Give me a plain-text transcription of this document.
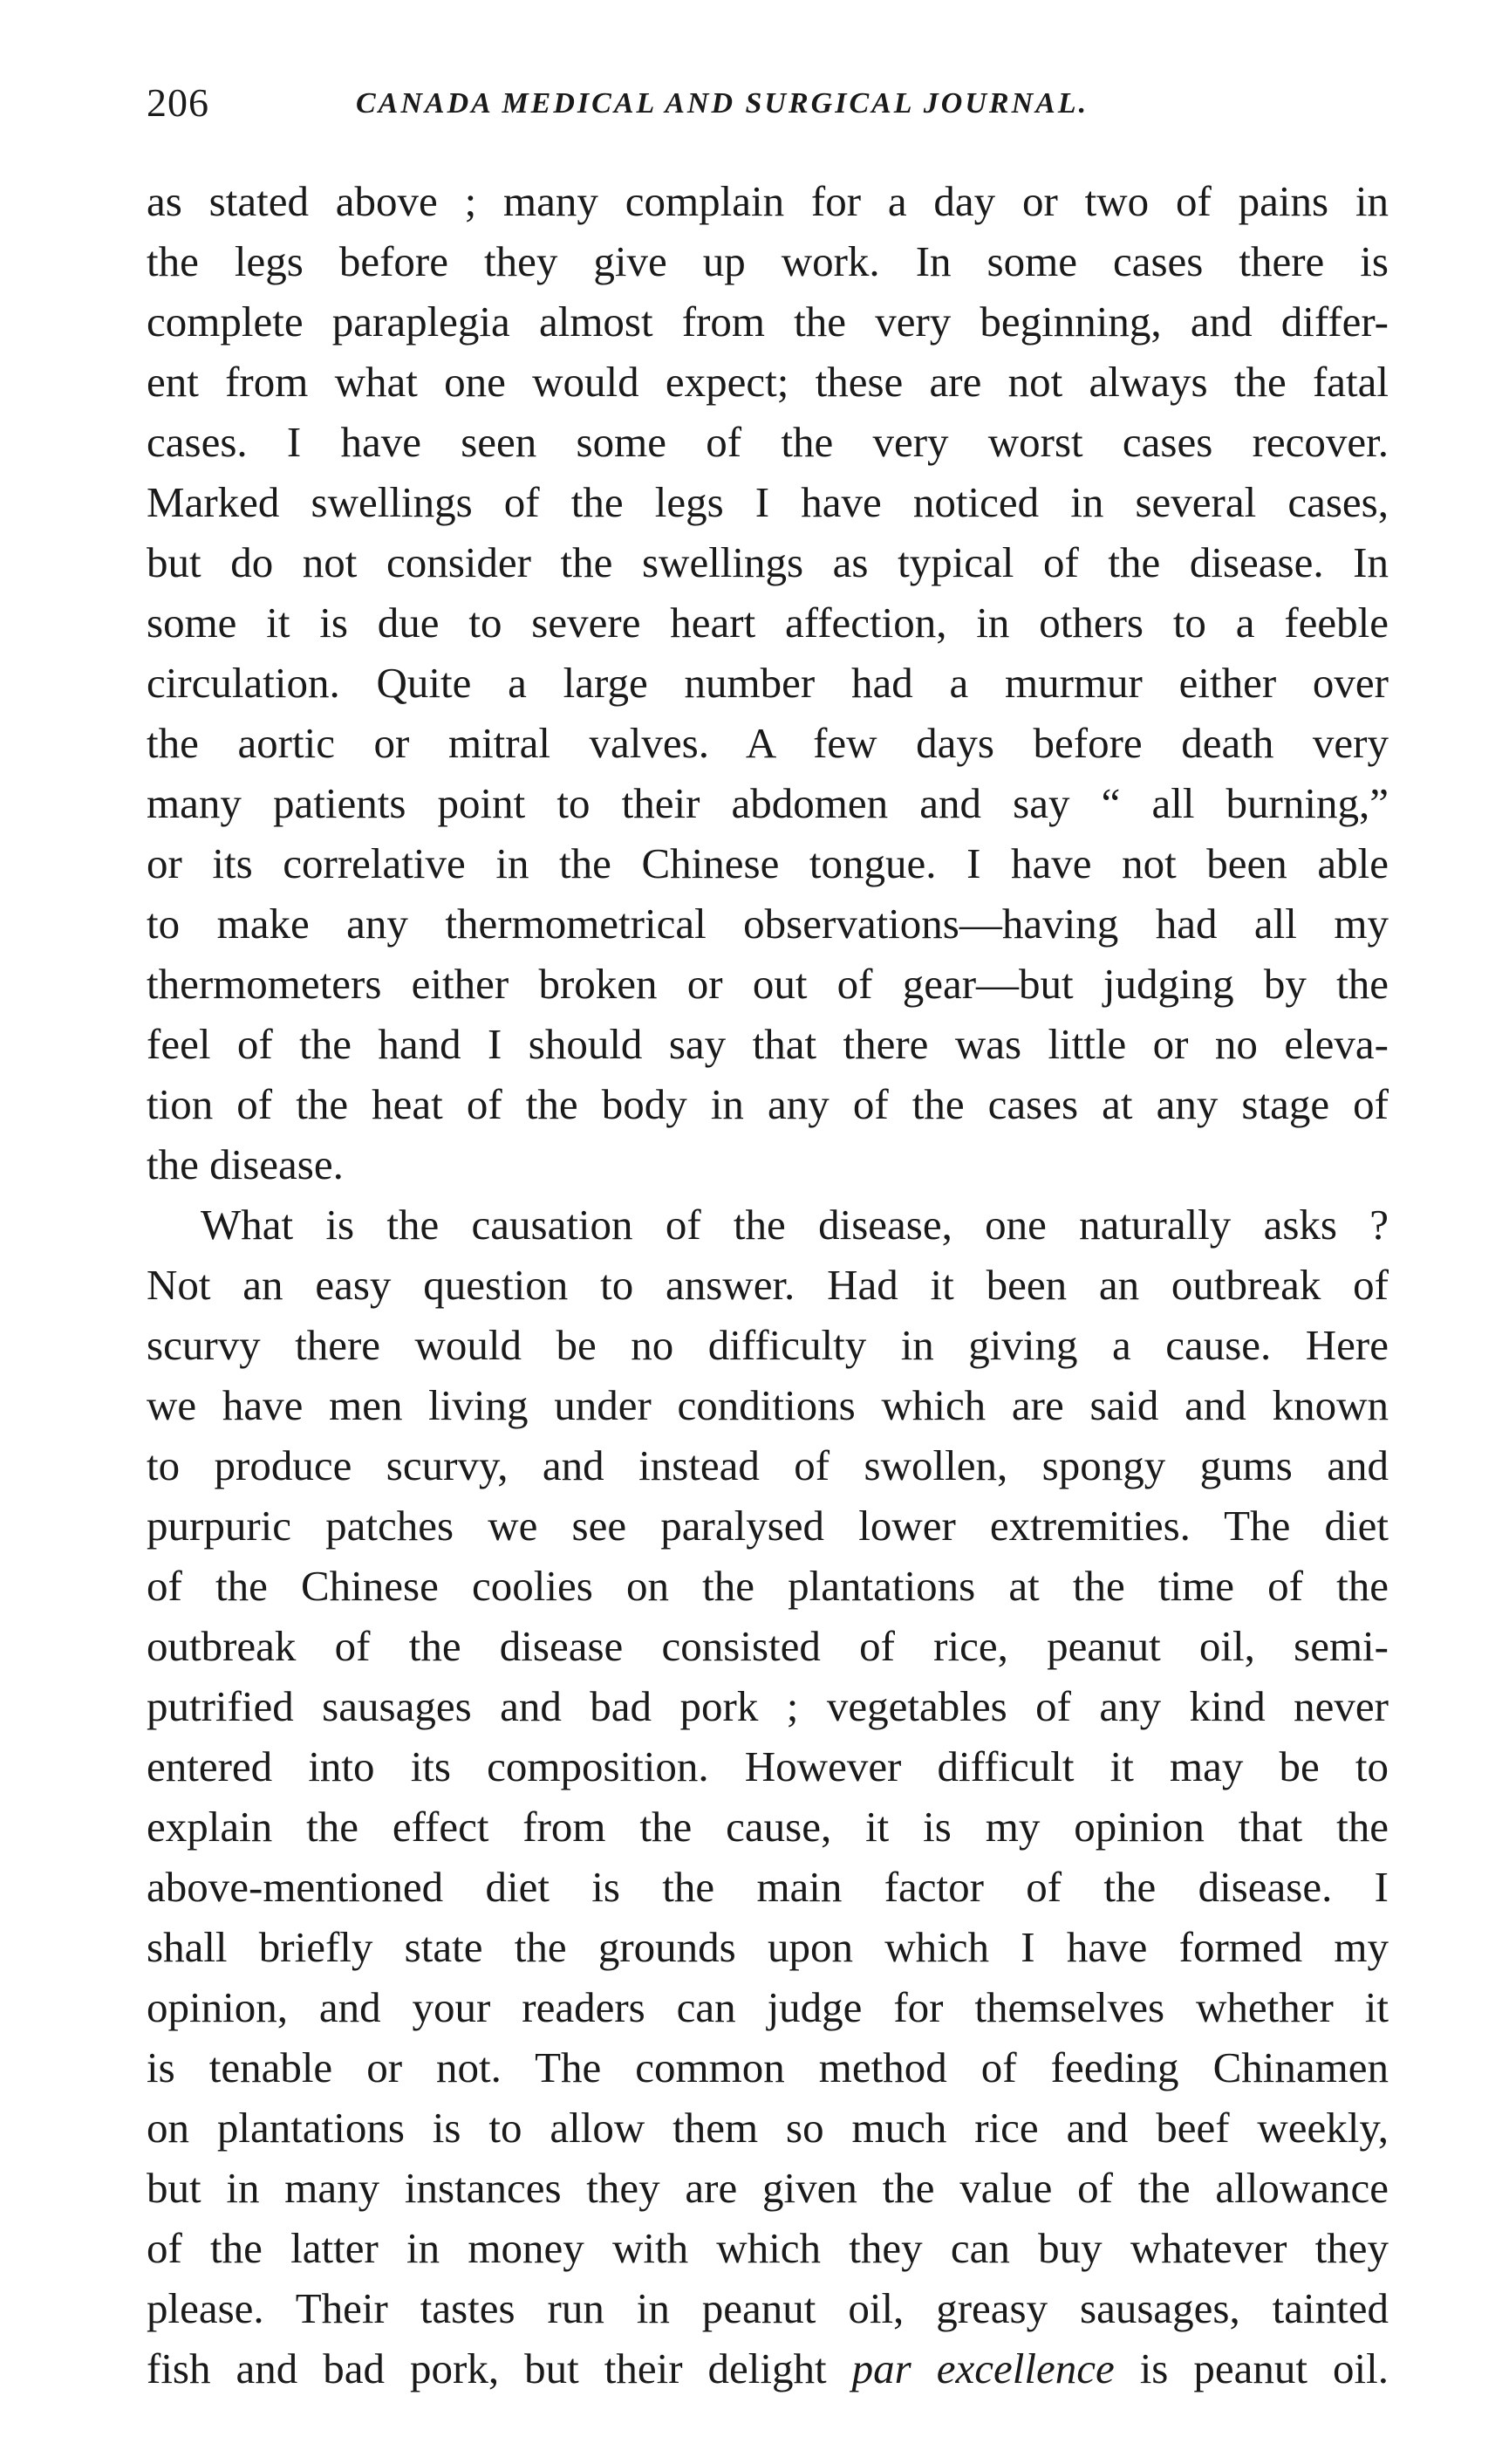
206	CANADA MEDICAL AND SURGICAL JOURNAL.
as stated above ; many complain for a day or two of pains in
the legs before they give up work. In some cases there is
complete paraplegia almost from the very beginning, and differ-
ent from what one would expect; these are not always the fatal
cases. I have seen some of the very worst cases recover.
Marked swellings of the legs I have noticed in several cases,
but do not consider the swellings as typical of the disease. In
some it is due to severe heart affection, in others to a feeble
circulation. Quite a large number had a murmur either over
the aortic or mitral valves. A few days before death very
many patients point to their abdomen and say “ all burning,”
or its correlative in the Chinese tongue. I have not been able
to make any thermometrical observations—having had all my
thermometers either broken or out of gear—but judging by the
feel of the hand I should say that there was little or no eleva-
tion of the heat of the body in any of the cases at any stage of
the disease.
What is the causation of the disease, one naturally asks ?
Not an easy question to answer. Had it been an outbreak of
scurvy there would be no difficulty in giving a cause. Here
we have men living under conditions which are said and known
to produce scurvy, and instead of swollen, spongy gums and
purpuric patches we see paralysed lower extremities. The diet
of the Chinese coolies on the plantations at the time of the
outbreak of the disease consisted of rice, peanut oil, semi-
putrified sausages and bad pork ; vegetables of any kind never
entered into its composition. However difficult it may be to
explain the effect from the cause, it is my opinion that the
above-mentioned diet is the main factor of the disease. I
shall briefly state the grounds upon which I have formed my
opinion, and your readers can judge for themselves whether it
is tenable or not. The common method of feeding Chinamen
on plantations is to allow them so much rice and beef weekly,
but in many instances they are given the value of the allowance
of the latter in money with which they can buy whatever they
please. Their tastes run in peanut oil, greasy sausages, tainted
fish and bad pork, but their delight par excellence is peanut oil.
